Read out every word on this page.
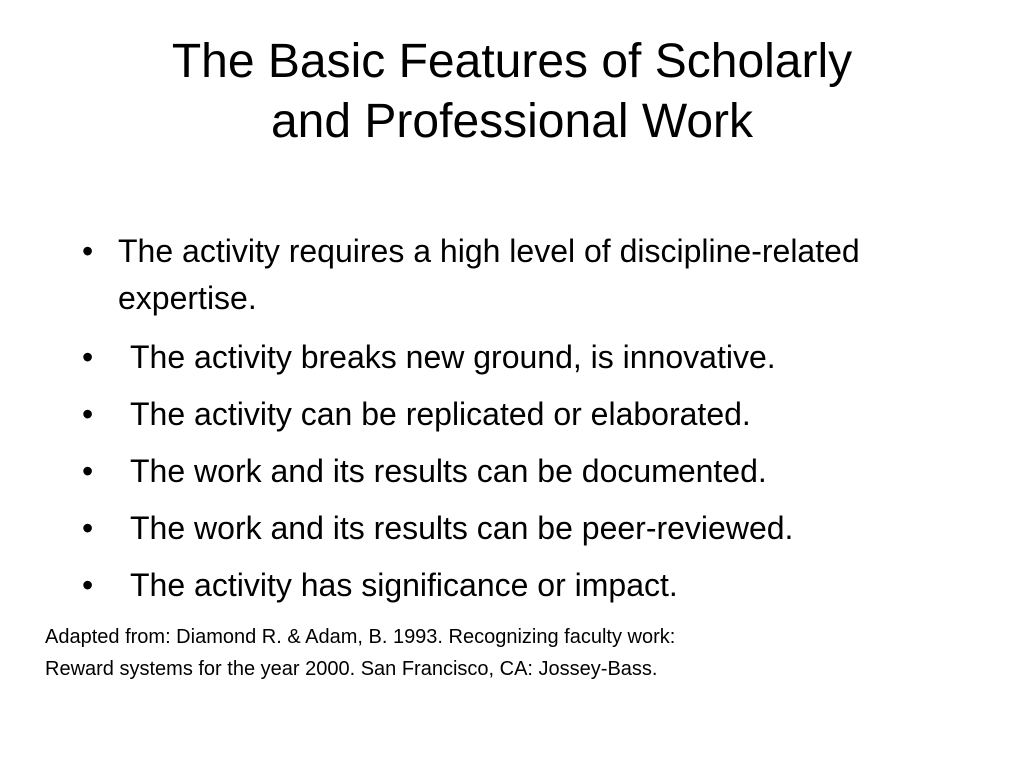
The Basic Features of Scholarly
and Professional Work
• The activity requires a high level of discipline-related expertise.
• The activity breaks new ground, is innovative.
• The activity can be replicated or elaborated.
• The work and its results can be documented.
• The work and its results can be peer-reviewed.
• The activity has significance or impact.

Adapted from: Diamond R. & Adam, B. 1993. Recognizing faculty work:
Reward systems for the year 2000. San Francisco, CA: Jossey-Bass.
